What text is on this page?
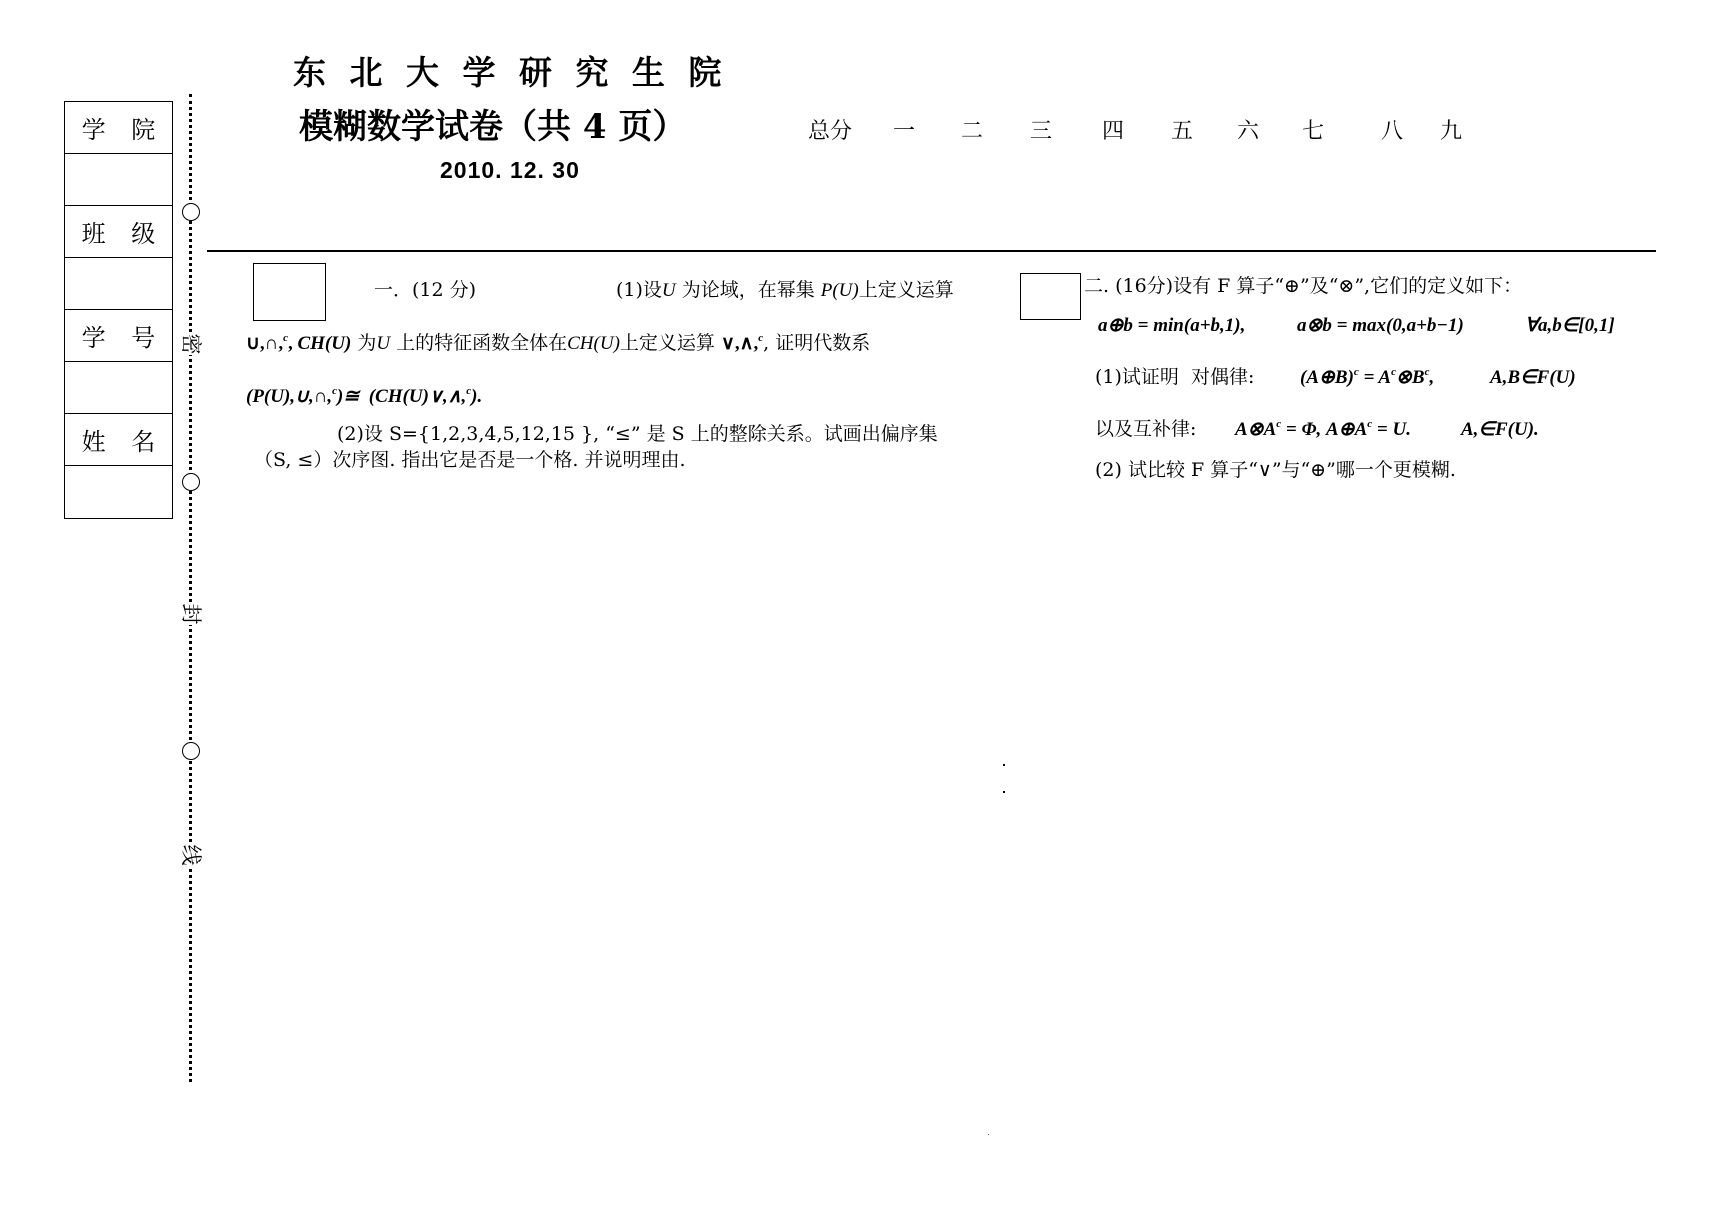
学 院
班 级
学 号
姓 名
密
封
线
东 北 大 学 研 究 生 院
模糊数学试卷（共 4 页）
2010. 12. 30
总分 一 二 三 四 五 六 七	八 九
一．(12 分)	(1)设 U 为论域，在幂集 P(U) 上定义运算
∪,∩, c , CH(U) 为 U 上的特征函数全体在 CH(U) 上定义运算 ∨,∧, c , 证明代数系
(P(U),∪,∩, c )≅  (CH(U)∨,∧, c ).
(2)设 S={1,2,3,4,5,12,15 }, “≤” 是 S 上的整除关系。试画出偏序集
（S, ≤）次序图. 指出它是否是一个格. 并说明理由.
二. (16分)设有 F 算子“⊕”及“⊗”,它们的定义如下：
a⊕b = min(a+b,1),	a⊗b = max(0,a+b−1)	∀a,b∈[0,1]
(1)试证明  对偶律: (A⊕B) c = A c ⊗B c ,	A,B∈F(U)
以及互补律: A⊗A c = Φ, A⊕A c = U.	A,∈F(U).
(2) 试比较 F 算子“∨”与“⊕”哪一个更模糊.
